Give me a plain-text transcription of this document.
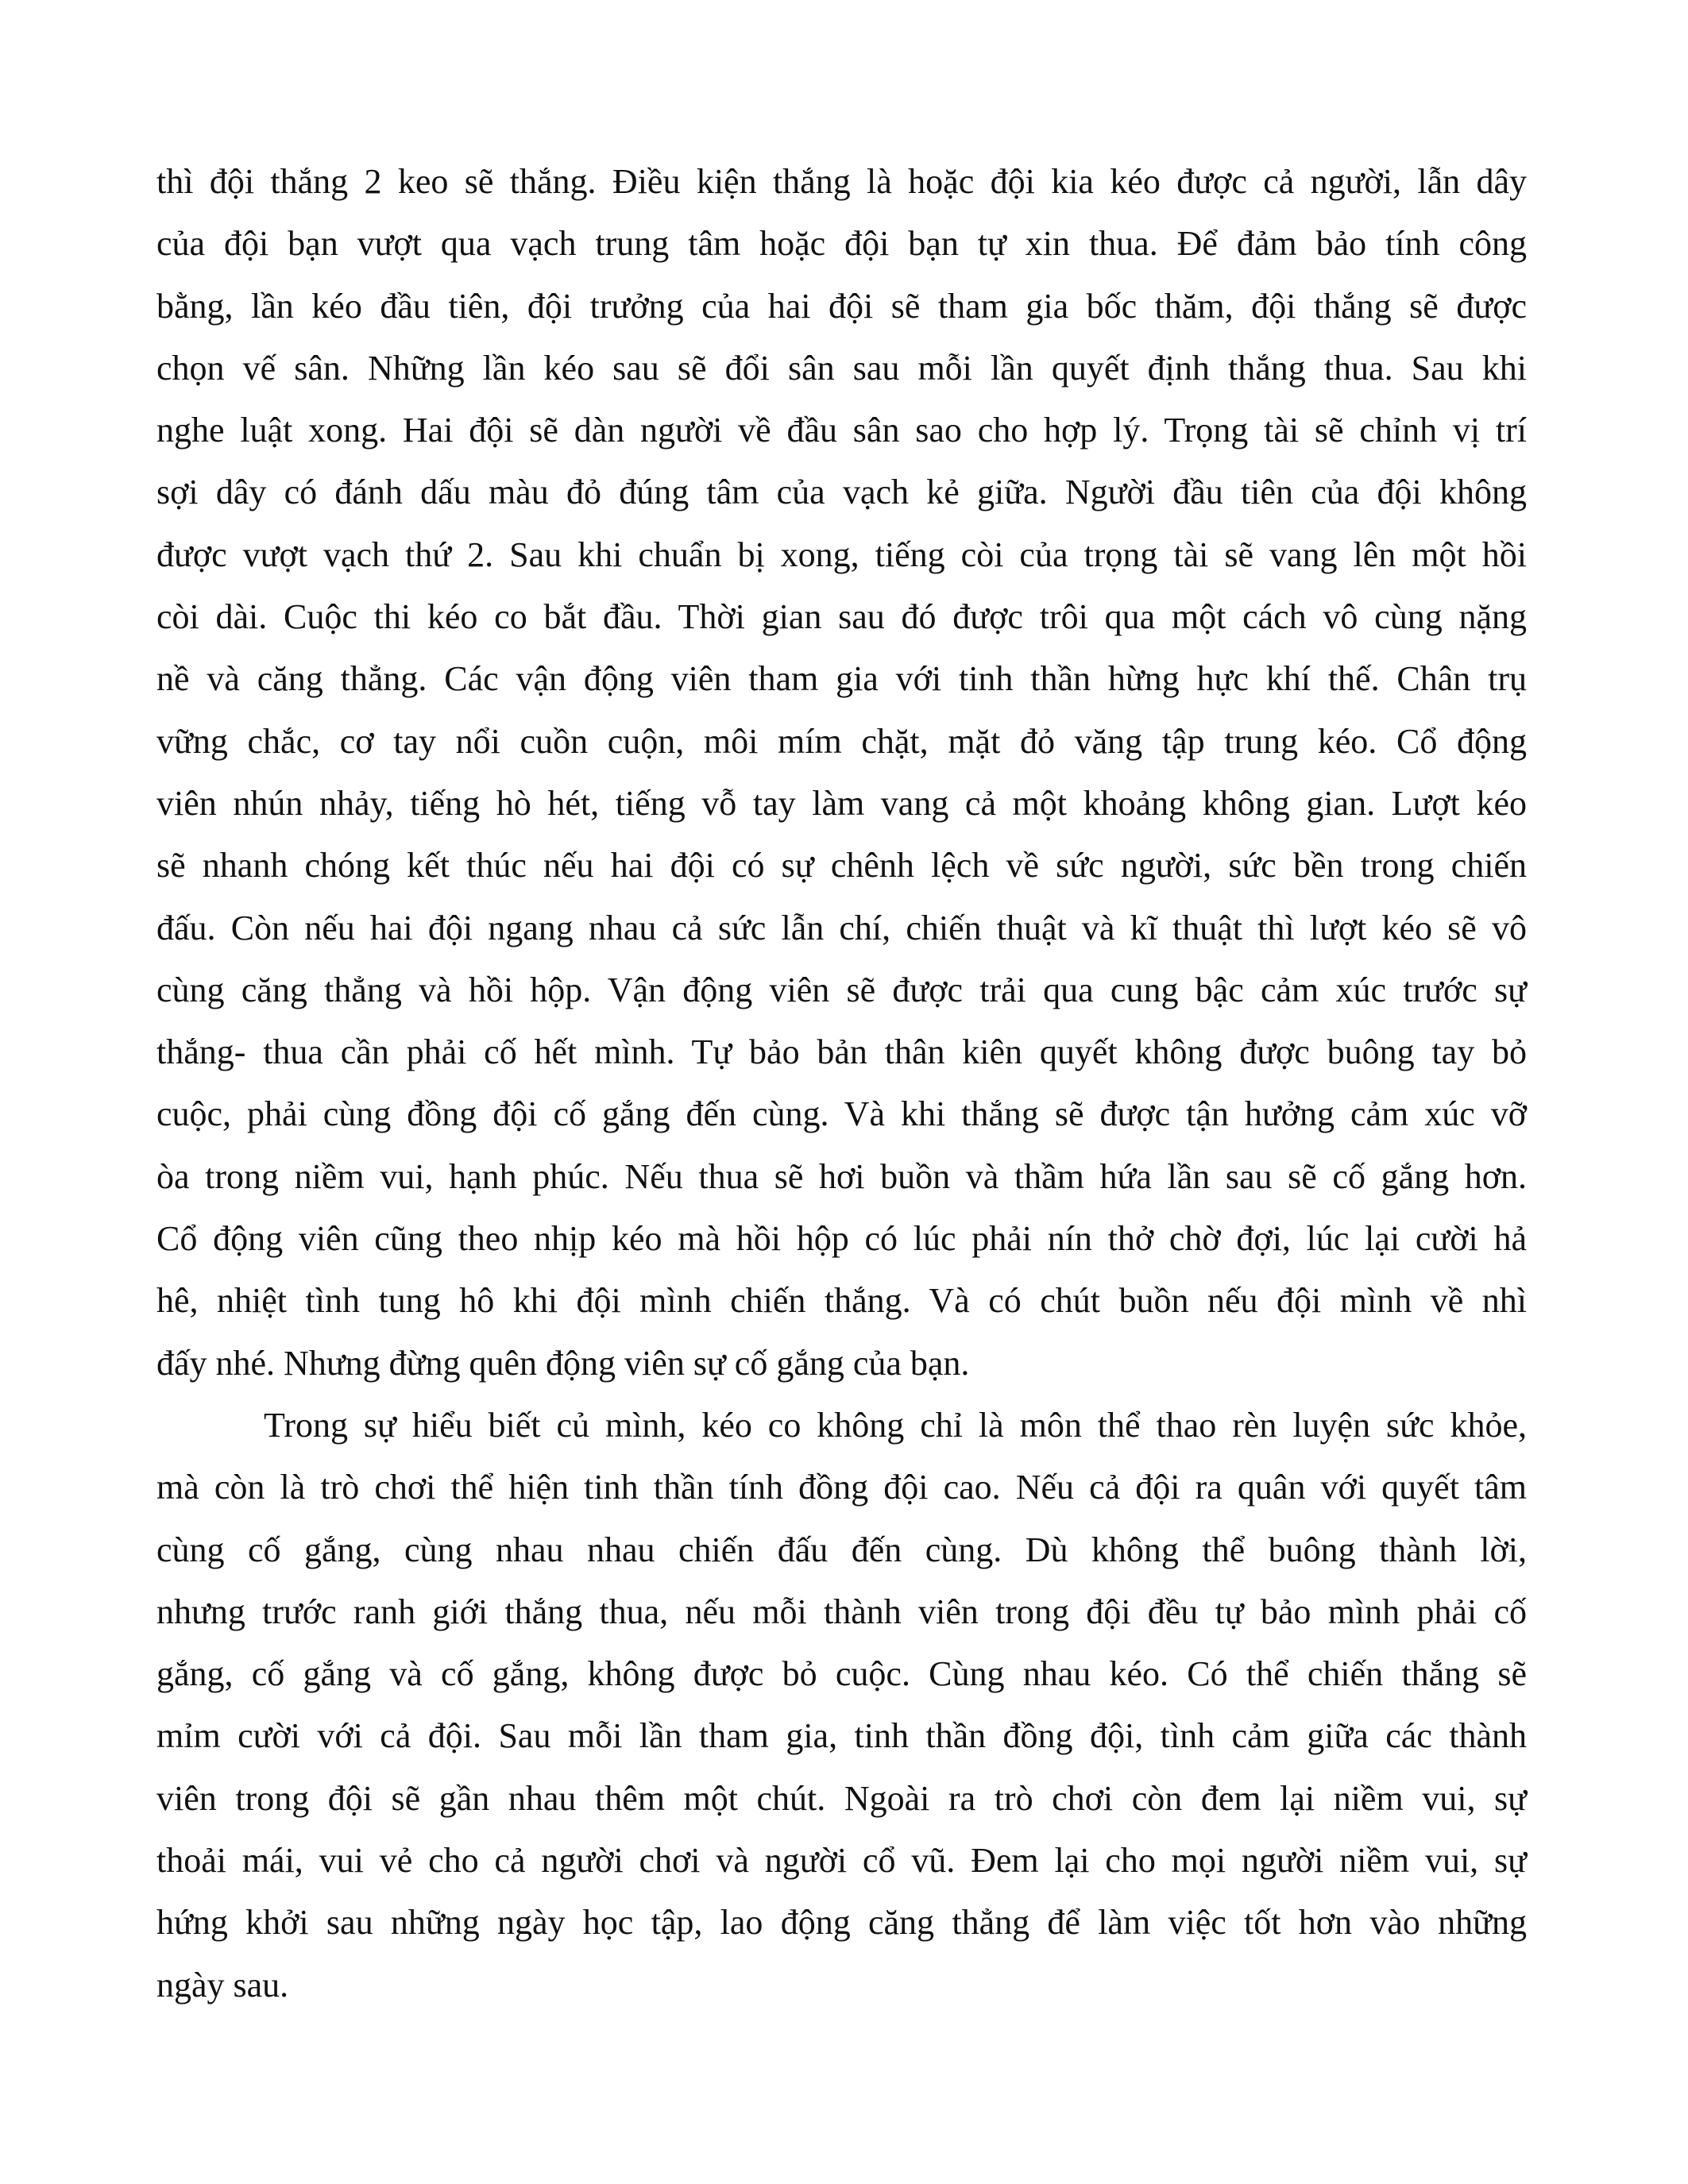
thì đội thắng 2 keo sẽ thắng. Điều kiện thắng là hoặc đội kia kéo được cả người, lẫn dây
của đội bạn vượt qua vạch trung tâm hoặc đội bạn tự xin thua. Để đảm bảo tính công
bằng, lần kéo đầu tiên, đội trưởng của hai đội sẽ tham gia bốc thăm, đội thắng sẽ được
chọn vế sân. Những lần kéo sau sẽ đổi sân sau mỗi lần quyết định thắng thua. Sau khi
nghe luật xong. Hai đội sẽ dàn người về đầu sân sao cho hợp lý. Trọng tài sẽ chỉnh vị trí
sợi dây có đánh dấu màu đỏ đúng tâm của vạch kẻ giữa. Người đầu tiên của đội không
được vượt vạch thứ 2. Sau khi chuẩn bị xong, tiếng còi của trọng tài sẽ vang lên một hồi
còi dài. Cuộc thi kéo co bắt đầu. Thời gian sau đó được trôi qua một cách vô cùng nặng
nề và căng thẳng. Các vận động viên tham gia với tinh thần hừng hực khí thế. Chân trụ
vững chắc, cơ tay nổi cuồn cuộn, môi mím chặt, mặt đỏ văng tập trung kéo. Cổ động
viên nhún nhảy, tiếng hò hét, tiếng vỗ tay làm vang cả một khoảng không gian. Lượt kéo
sẽ nhanh chóng kết thúc nếu hai đội có sự chênh lệch về sức người, sức bền trong chiến
đấu. Còn nếu hai đội ngang nhau cả sức lẫn chí, chiến thuật và kĩ thuật thì lượt kéo sẽ vô
cùng căng thẳng và hồi hộp. Vận động viên sẽ được trải qua cung bậc cảm xúc trước sự
thắng- thua cần phải cố hết mình. Tự bảo bản thân kiên quyết không được buông tay bỏ
cuộc, phải cùng đồng đội cố gắng đến cùng. Và khi thắng sẽ được tận hưởng cảm xúc vỡ
òa trong niềm vui, hạnh phúc. Nếu thua sẽ hơi buồn và thầm hứa lần sau sẽ cố gắng hơn.
Cổ động viên cũng theo nhịp kéo mà hồi hộp có lúc phải nín thở chờ đợi, lúc lại cười hả
hê, nhiệt tình tung hô khi đội mình chiến thắng. Và có chút buồn nếu đội mình về nhì
đấy nhé. Nhưng đừng quên động viên sự cố gắng của bạn.

Trong sự hiểu biết củ mình, kéo co không chỉ là môn thể thao rèn luyện sức khỏe,
mà còn là trò chơi thể hiện tinh thần tính đồng đội cao. Nếu cả đội ra quân với quyết tâm
cùng cố gắng, cùng nhau nhau chiến đấu đến cùng. Dù không thể buông thành lời,
nhưng trước ranh giới thắng thua, nếu mỗi thành viên trong đội đều tự bảo mình phải cố
gắng, cố gắng và cố gắng, không được bỏ cuộc. Cùng nhau kéo. Có thể chiến thắng sẽ
mỉm cười với cả đội. Sau mỗi lần tham gia, tinh thần đồng đội, tình cảm giữa các thành
viên trong đội sẽ gần nhau thêm một chút. Ngoài ra trò chơi còn đem lại niềm vui, sự
thoải mái, vui vẻ cho cả người chơi và người cổ vũ. Đem lại cho mọi người niềm vui, sự
hứng khởi sau những ngày học tập, lao động căng thẳng để làm việc tốt hơn vào những
ngày sau.
